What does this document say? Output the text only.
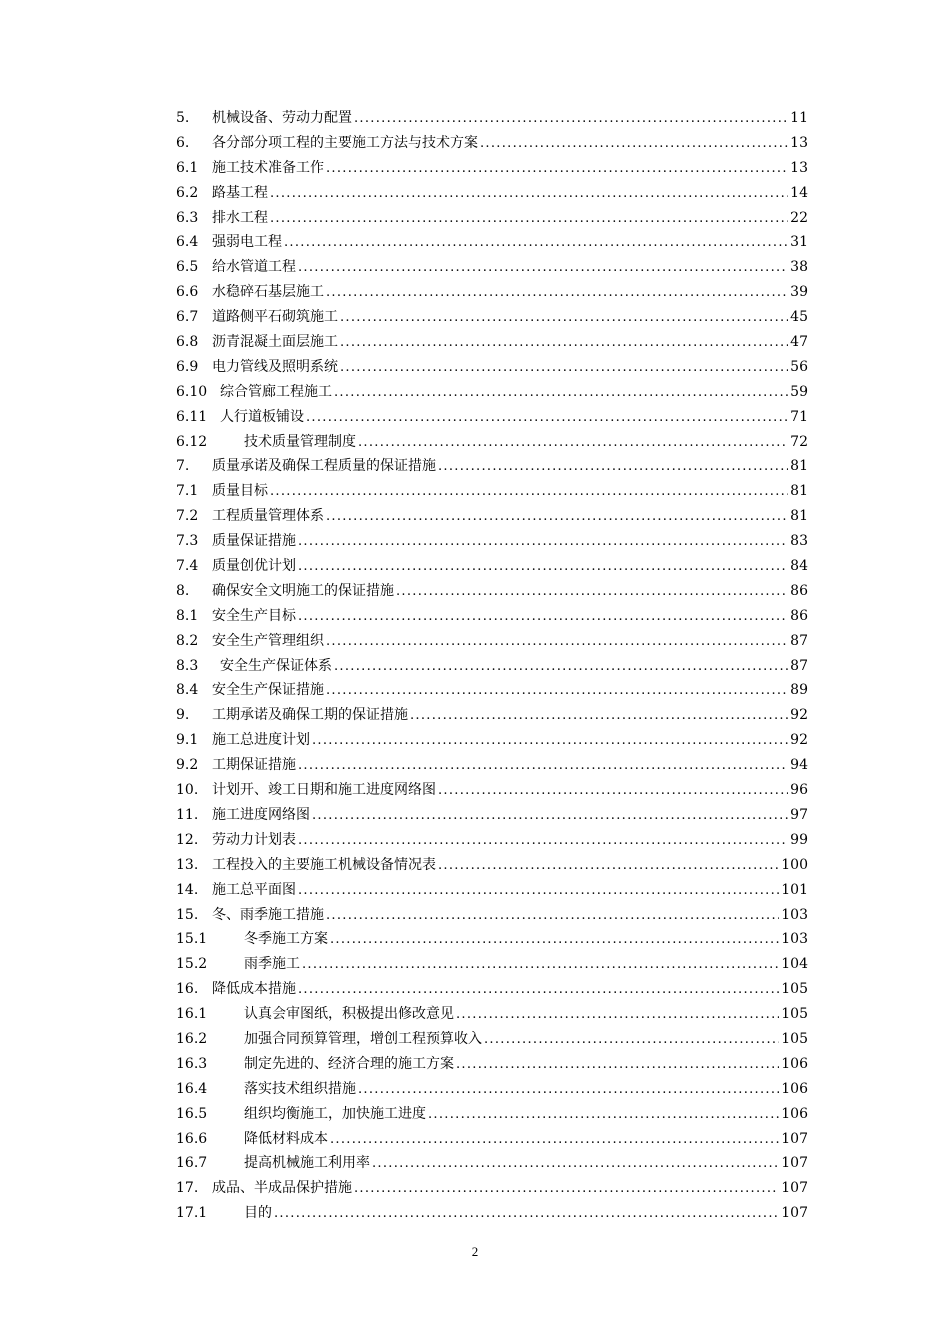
5.	机械设备、劳动力配置 .....	11
6.	各分部分项工程的主要施工方法与技术方案 .....	13
6.1 施工技术准备工作 .....	13
6.2 路基工程 .....	14
6.3 排水工程 .....	22
6.4 强弱电工程 .....	31
6.5 给水管道工程 .....	38
6.6 水稳碎石基层施工 .....	39
6.7 道路侧平石砌筑施工 .....	45
6.8 沥青混凝土面层施工 .....	47
6.9 电力管线及照明系统 .....	56
6.10 综合管廊工程施工 .....	59
6.11 人行道板铺设 .....	71
6.12	技术质量管理制度 .....	72
7.	质量承诺及确保工程质量的保证措施 .....	81
7.1 质量目标 .....	81
7.2 工程质量管理体系 .....	81
7.3 质量保证措施 .....	83
7.4 质量创优计划 .....	84
8.	确保安全文明施工的保证措施 .....	86
8.1 安全生产目标 .....	86
8.2 安全生产管理组织 .....	87
8.3	安全生产保证体系 .....	87
8.4 安全生产保证措施 .....	89
9.	工期承诺及确保工期的保证措施 .....	92
9.1 施工总进度计划 .....	92
9.2 工期保证措施 .....	94
10. 计划开、竣工日期和施工进度网络图 .....	96
11. 施工进度网络图 .....	97
12. 劳动力计划表 .....	99
13. 工程投入的主要施工机械设备情况表 .....	100
14. 施工总平面图 .....	101
15. 冬、雨季施工措施 .....	103
15.1	冬季施工方案 .....	103
15.2	雨季施工 .....	104
16. 降低成本措施 .....	105
16.1	认真会审图纸，积极提出修改意见 .....	105
16.2	加强合同预算管理，增创工程预算收入 .....	105
16.3	制定先进的、经济合理的施工方案 .....	106
16.4	落实技术组织措施 .....	106
16.5	组织均衡施工，加快施工进度 .....	106
16.6	降低材料成本 .....	107
16.7	提高机械施工利用率 .....	107
17. 成品、半成品保护措施 .....	107
17.1	目的 .....	107
2
